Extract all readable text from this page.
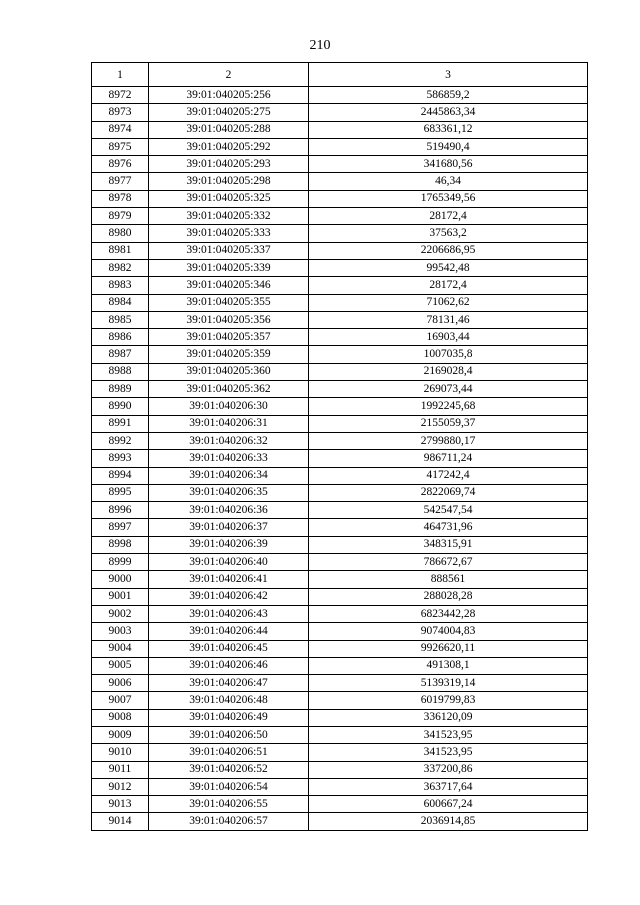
210
1	2	3
8972	39:01:040205:256	586859,2
8973	39:01:040205:275	2445863,34
8974	39:01:040205:288	683361,12
8975	39:01:040205:292	519490,4
8976	39:01:040205:293	341680,56
8977	39:01:040205:298	46,34
8978	39:01:040205:325	1765349,56
8979	39:01:040205:332	28172,4
8980	39:01:040205:333	37563,2
8981	39:01:040205:337	2206686,95
8982	39:01:040205:339	99542,48
8983	39:01:040205:346	28172,4
8984	39:01:040205:355	71062,62
8985	39:01:040205:356	78131,46
8986	39:01:040205:357	16903,44
8987	39:01:040205:359	1007035,8
8988	39:01:040205:360	2169028,4
8989	39:01:040205:362	269073,44
8990	39:01:040206:30	1992245,68
8991	39:01:040206:31	2155059,37
8992	39:01:040206:32	2799880,17
8993	39:01:040206:33	986711,24
8994	39:01:040206:34	417242,4
8995	39:01:040206:35	2822069,74
8996	39:01:040206:36	542547,54
8997	39:01:040206:37	464731,96
8998	39:01:040206:39	348315,91
8999	39:01:040206:40	786672,67
9000	39:01:040206:41	888561
9001	39:01:040206:42	288028,28
9002	39:01:040206:43	6823442,28
9003	39:01:040206:44	9074004,83
9004	39:01:040206:45	9926620,11
9005	39:01:040206:46	491308,1
9006	39:01:040206:47	5139319,14
9007	39:01:040206:48	6019799,83
9008	39:01:040206:49	336120,09
9009	39:01:040206:50	341523,95
9010	39:01:040206:51	341523,95
9011	39:01:040206:52	337200,86
9012	39:01:040206:54	363717,64
9013	39:01:040206:55	600667,24
9014	39:01:040206:57	2036914,85
